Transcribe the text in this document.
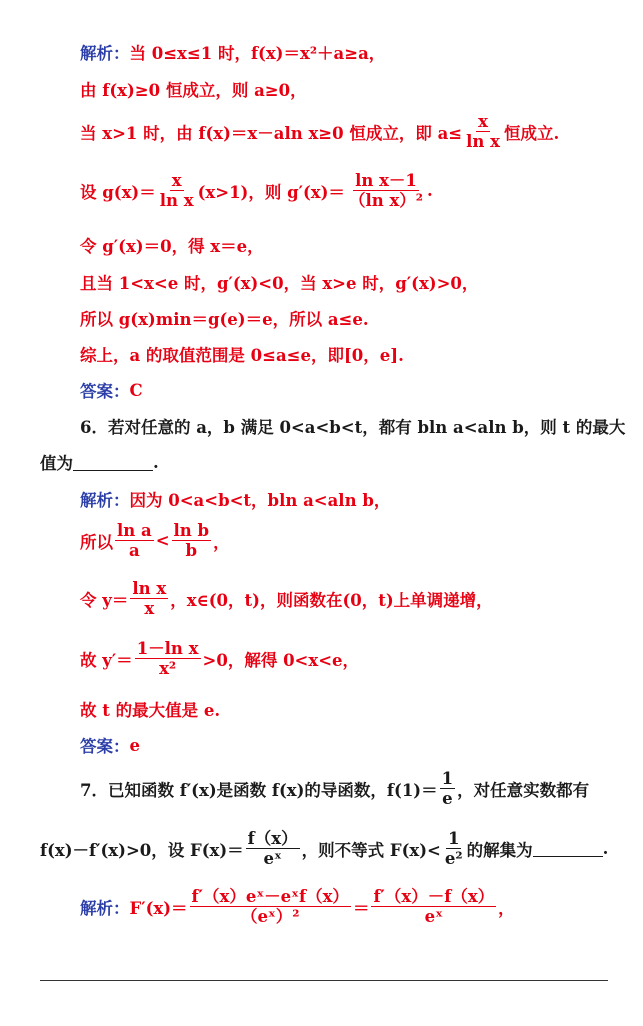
解析： 当 0≤x≤1 时，f(x)＝x²＋a≥a，
由 f(x)≥0 恒成立，则 a≥0，
当 x>1 时，由 f(x)＝x－aln x≥0 恒成立，即 $a\le \frac{x}{\text{ln x}}$ 恒成立.
设 $g(x)= \frac{x}{\text{ln x}} (x>1)$，则 $g'(x)= \frac{\text{ln x－1}}{\text{（ln x）²}}$ .
令 g′(x)＝0，得 x＝e，
且当 1<x<e 时，g′(x)<0，当 x>e 时，g′(x)>0，
所以 g(x)min＝g(e)＝e，所以 a≤e.
综上，a 的取值范围是 0≤a≤e，即[0，e].
答案： C
6．若对任意的 a，b 满足 0<a<b<t，都有 bln a<aln b，则 t 的最大
值为	.
解析： 因为 0<a<b<t，bln a<aln b，
所以 $\frac{\text{ln a}}{a} < \frac{\text{ln b}}{b}$ ，
令 $y= \frac{\text{ln x}}{x}$ ，x∈(0，t)，则函数在(0，t)上单调递增，
故 $y'= \frac{\text{1－ln x}}{\text{x²}} >0$，解得 0<x<e，
故 t 的最大值是 e.
答案： e
7．已知函数 f′(x)是函数 f(x)的导函数，$f(1)= \frac{1}{e}$ ，对任意实数都有
f(x)－f′(x)>0，设 $F(x)= \frac{f(x)}{\text{eˣ}}$ ，则不等式 $F(x)< \frac{1}{\text{e²}}$ 的解集为	.
解析： $F'(x)= \frac{\text{f′（x）eˣ－eˣf（x）}}{\text{（eˣ）²}} = \frac{f'(x)-f(x)}{\text{eˣ}}$ ，
